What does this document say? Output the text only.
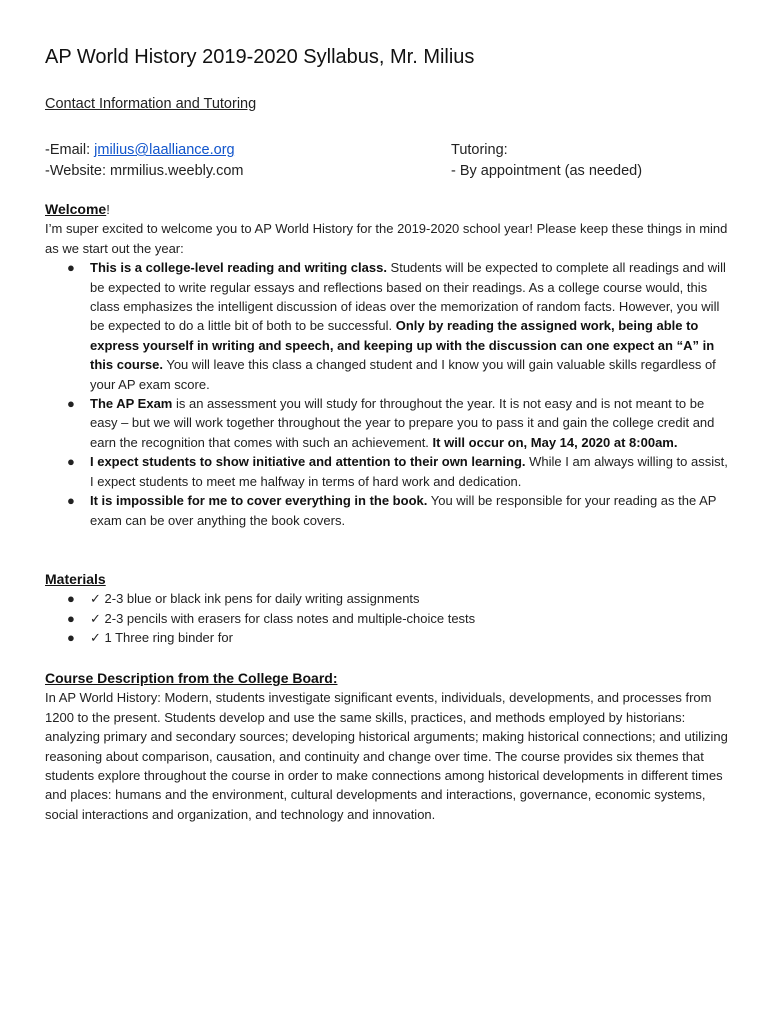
AP World History 2019-2020 Syllabus, Mr. Milius
Contact Information and Tutoring
-Email: jmilius@laalliance.org
-Website: mrmilius.weebly.com
Tutoring:
- By appointment (as needed)
Welcome!

I’m super excited to welcome you to AP World History for the 2019-2020 school year! Please keep these things in mind as we start out the year:

● This is a college-level reading and writing class. Students will be expected to complete all readings and will be expected to write regular essays and reflections based on their readings. As a college course would, this class emphasizes the intelligent discussion of ideas over the memorization of random facts. However, you will be expected to do a little bit of both to be successful. Only by reading the assigned work, being able to express yourself in writing and speech, and keeping up with the discussion can one expect an “A” in this course. You will leave this class a changed student and I know you will gain valuable skills regardless of your AP exam score.
● The AP Exam is an assessment you will study for throughout the year. It is not easy and is not meant to be easy – but we will work together throughout the year to prepare you to pass it and gain the college credit and earn the recognition that comes with such an achievement. It will occur on, May 14, 2020 at 8:00am.
● I expect students to show initiative and attention to their own learning. While I am always willing to assist, I expect students to meet me halfway in terms of hard work and dedication.
● It is impossible for me to cover everything in the book. You will be responsible for your reading as the AP exam can be over anything the book covers.
Materials
● ✓ 2-3 blue or black ink pens for daily writing assignments
● ✓ 2-3 pencils with erasers for class notes and multiple-choice tests
● ✓ 1 Three ring binder for
Course Description from the College Board:

In AP World History: Modern, students investigate significant events, individuals, developments, and processes from 1200 to the present. Students develop and use the same skills, practices, and methods employed by historians: analyzing primary and secondary sources; developing historical arguments; making historical connections; and utilizing reasoning about comparison, causation, and continuity and change over time. The course provides six themes that students explore throughout the course in order to make connections among historical developments in different times and places: humans and the environment, cultural developments and interactions, governance, economic systems, social interactions and organization, and technology and innovation.
